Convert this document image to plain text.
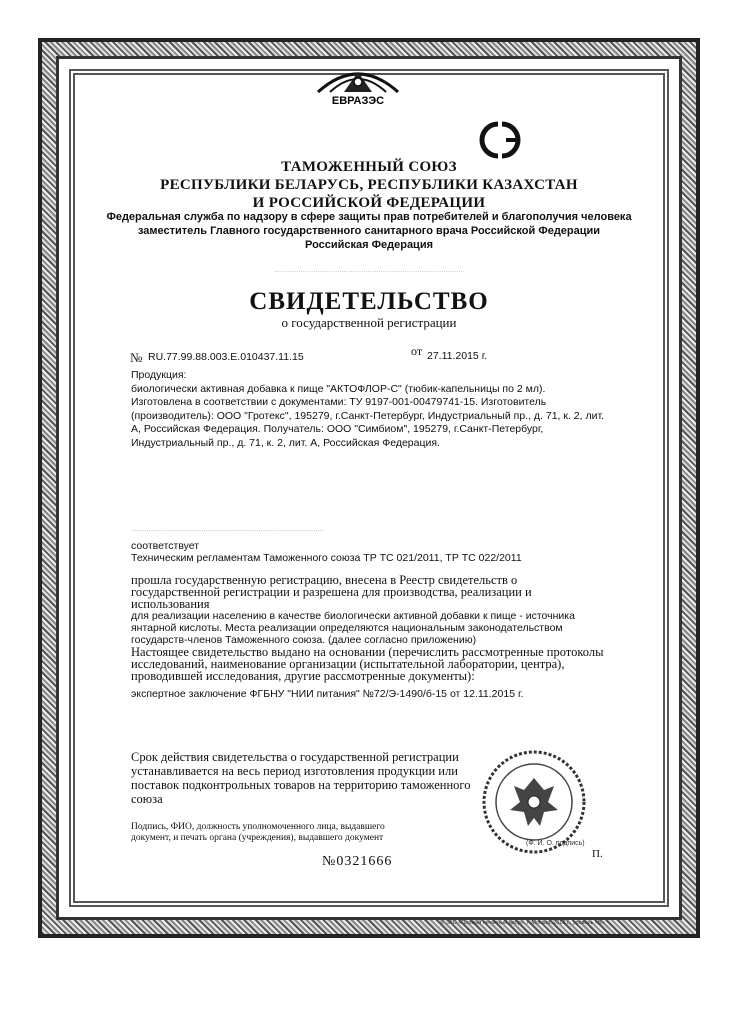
ЕВРАЗЭС
ТАМОЖЕННЫЙ СОЮЗ
РЕСПУБЛИКИ БЕЛАРУСЬ, РЕСПУБЛИКИ КАЗАХСТАН
И РОССИЙСКОЙ ФЕДЕРАЦИИ
Федеральная служба по надзору в сфере защиты прав потребителей и благополучия человека
заместитель Главного государственного санитарного врача Российской Федерации
Российская Федерация
························································································
СВИДЕТЕЛЬСТВО
о государственной регистрации
№ RU.77.99.88.003.E.010437.11.15	от 27.11.2015 г.
Продукция:
биологически активная добавка к пище "АКТОФЛОР-С" (тюбик-капельницы по 2 мл). Изготовлена в соответствии с документами: ТУ 9197-001-00479741-15. Изготовитель (производитель): ООО "Гротекс", 195279, г.Санкт-Петербург, Индустриальный пр., д. 71, к. 2, лит. А, Российская Федерация. Получатель: ООО "Симбиом", 195279, г.Санкт-Петербург, Индустриальный пр., д. 71, к. 2, лит. А, Российская Федерация.
··································································································
соответствует
Техническим регламентам Таможенного союза ТР ТС 021/2011, ТР ТС 022/2011
прошла государственную регистрацию, внесена в Реестр свидетельств о государственной регистрации и разрешена для производства, реализации и использования
для реализации населению в качестве биологически активной добавки к пище - источника янтарной кислоты. Места реализации определяются национальным законодательством государств-членов Таможенного союза. (далее согласно приложению)
Настоящее свидетельство выдано на основании (перечислить рассмотренные протоколы исследований, наименование организации (испытательной лаборатории, центра), проводившей исследования, другие рассмотренные документы):
экспертное заключение ФГБНУ "НИИ питания" №72/Э-1490/б-15 от 12.11.2015 г.
Срок действия свидетельства о государственной регистрации устанавливается на весь период изготовления продукции или поставок подконтрольных товаров на территорию таможенного союза
Подпись, ФИО, должность уполномоченного лица, выдавшего документ, и печать органа (учреждения), выдавшего документ
(Ф. И. О. подпись)
П.
№0321666
© ЗАО «Первый печатный двор», г. Москва, 2013 г., уровень «В»
